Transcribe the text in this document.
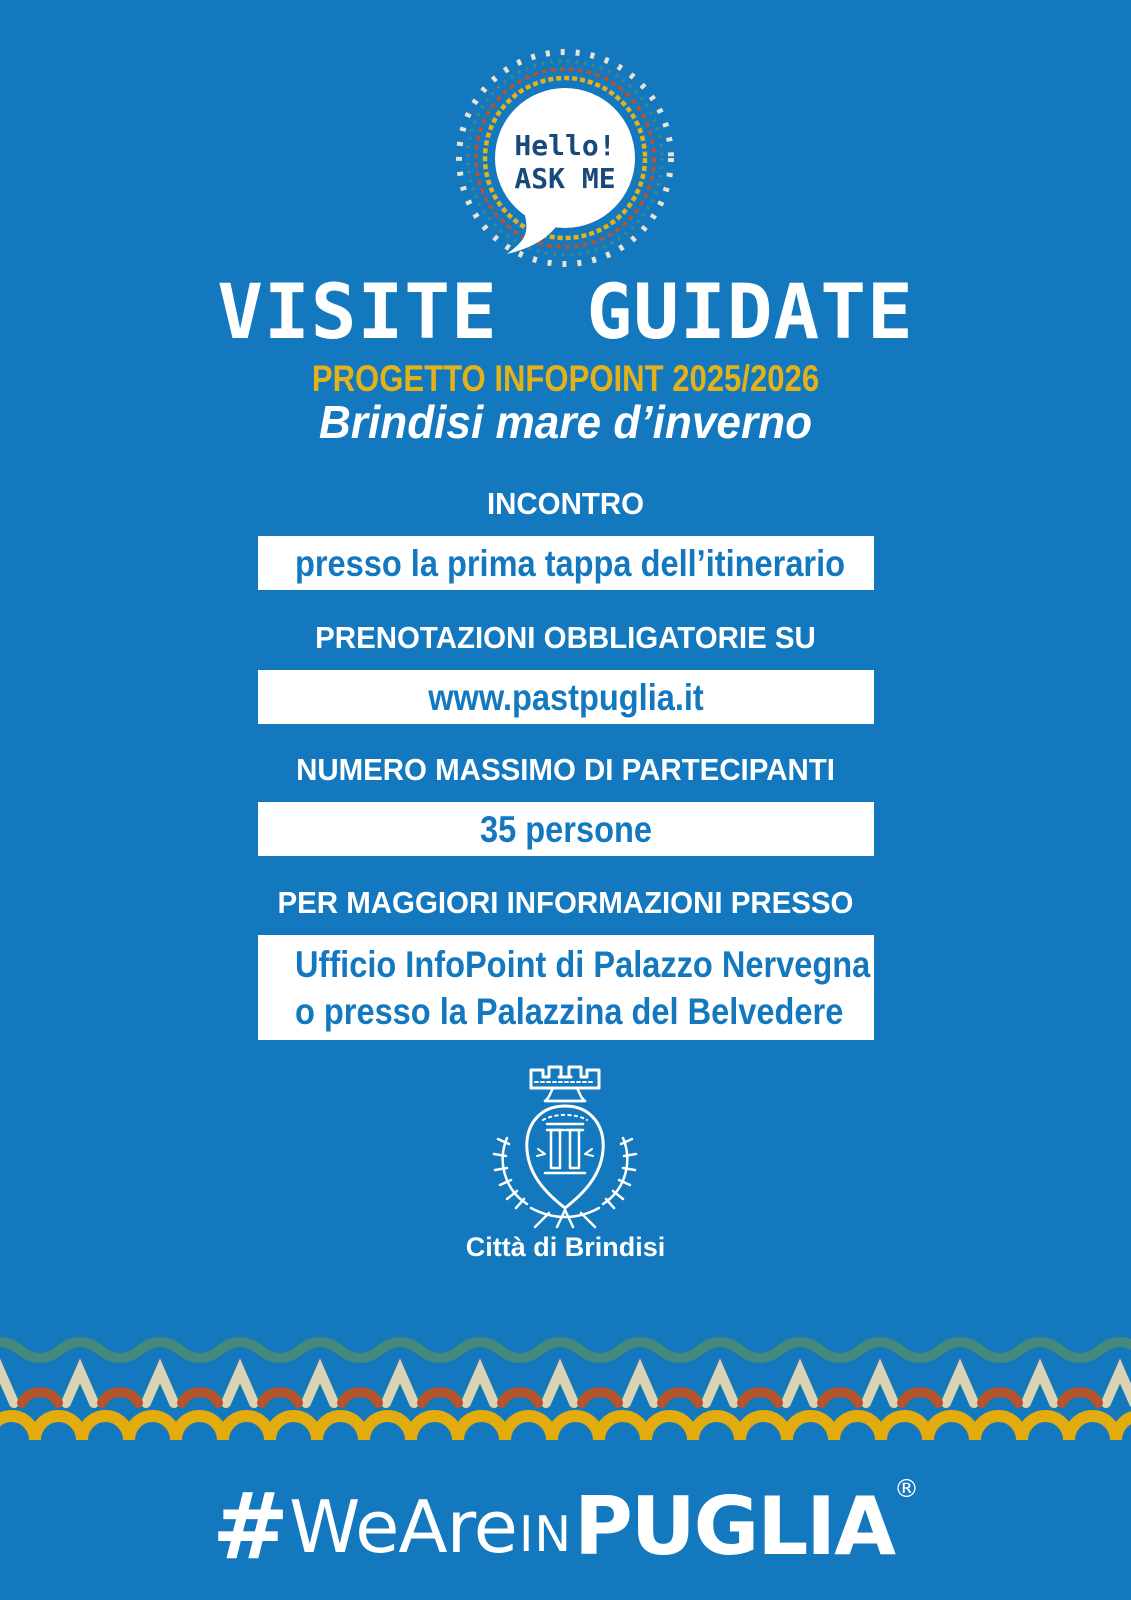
Hello!
ASK ME
VISITE GUIDATE
PROGETTO INFOPOINT 2025/2026
Brindisi mare d’inverno
INCONTRO
presso la prima tappa dell’itinerario
PRENOTAZIONI OBBLIGATORIE SU
www.pastpuglia.it
NUMERO MASSIMO DI PARTECIPANTI
35 persone
PER MAGGIORI INFORMAZIONI PRESSO
Ufficio InfoPoint di Palazzo Nervegna
o presso la Palazzina del Belvedere
Città di Brindisi
# WeAre IN PUGLIA ®
